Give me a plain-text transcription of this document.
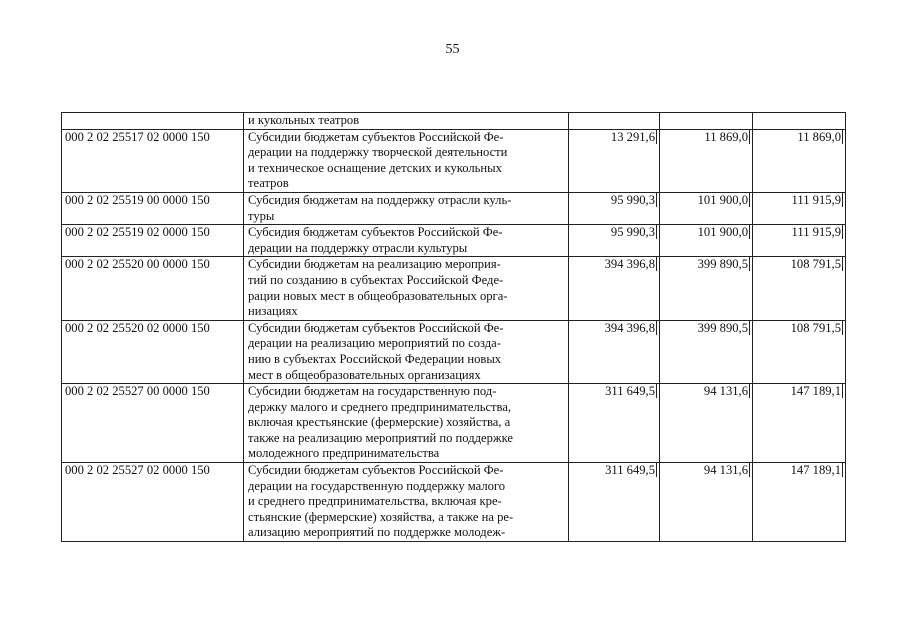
55

	и кукольных театров			

000 2 02 25517 02 0000 150	Субсидии бюджетам субъектов Российской Фе-
дерации на поддержку творческой деятельности
и техническое оснащение детских и кукольных
театров	13 291,6	11 869,0	11 869,0
000 2 02 25519 00 0000 150	Субсидия бюджетам на поддержку отрасли куль-
туры	95 990,3	101 900,0	111 915,9
000 2 02 25519 02 0000 150	Субсидия бюджетам субъектов Российской Фе-
дерации на поддержку отрасли культуры	95 990,3	101 900,0	111 915,9
000 2 02 25520 00 0000 150	Субсидии бюджетам на реализацию мероприя-
тий по созданию в субъектах Российской Феде-
рации новых мест в общеобразовательных орга-
низациях	394 396,8	399 890,5	108 791,5
000 2 02 25520 02 0000 150	Субсидии бюджетам субъектов Российской Фе-
дерации на реализацию мероприятий по созда-
нию в субъектах Российской Федерации новых
мест в общеобразовательных организациях	394 396,8	399 890,5	108 791,5
000 2 02 25527 00 0000 150	Субсидии бюджетам на государственную под-
держку малого и среднего предпринимательства,
включая крестьянские (фермерские) хозяйства, а
также на реализацию мероприятий по поддержке
молодежного предпринимательства	311 649,5	94 131,6	147 189,1
000 2 02 25527 02 0000 150	Субсидии бюджетам субъектов Российской Фе-
дерации на государственную поддержку малого
и среднего предпринимательства, включая кре-
стьянские (фермерские) хозяйства, а также на ре-
ализацию мероприятий по поддержке молодеж-	311 649,5	94 131,6	147 189,1
